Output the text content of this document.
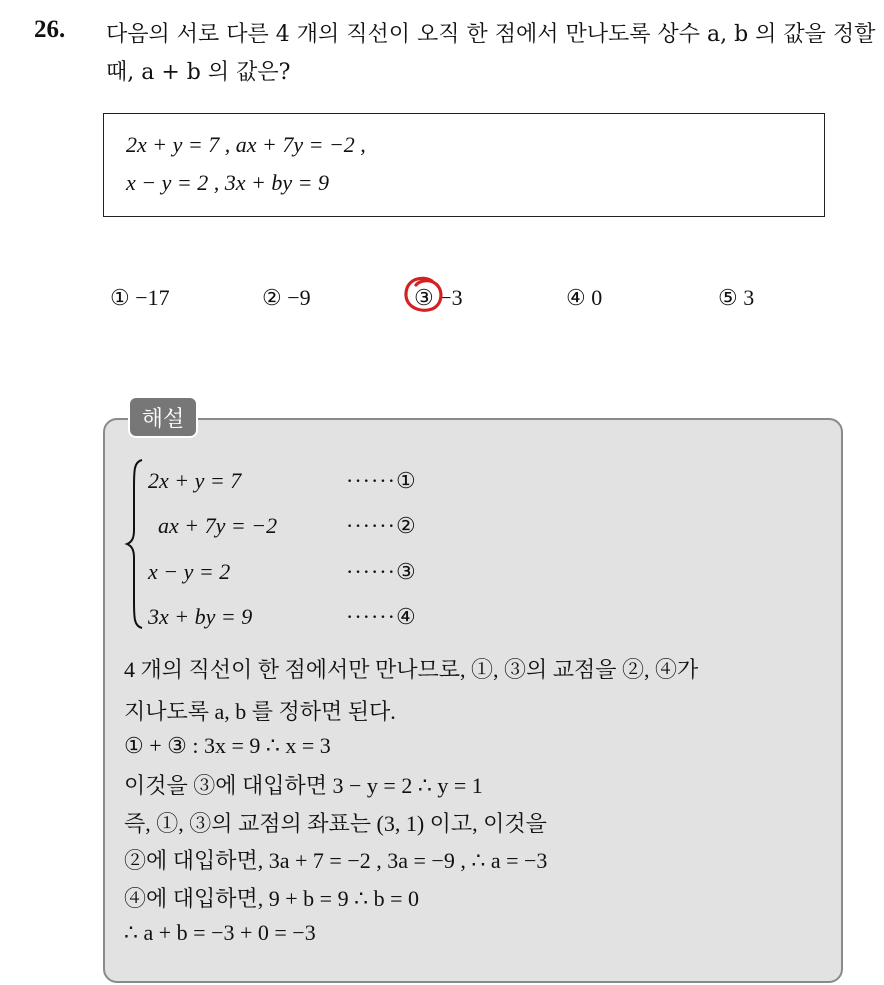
26. 다음의 서로 다른 4 개의 직선이 오직 한 점에서 만나도록 상수 a, b 의 값을 정할 때, a + b 의 값은?
2x + y = 7 , ax + 7y = −2 ,
x − y = 2 , 3x + by = 9
① −17	② −9	③ −3	④ 0	⑤ 3
해설
2x + y = 7	······①
ax + 7y = −2	······②
x − y = 2	······③
3x + by = 9	······④
4 개의 직선이 한 점에서만 만나므로, ①, ③의 교점을 ②, ④가
지나도록 a, b 를 정하면 된다.
① + ③ : 3x = 9 ∴ x = 3
이것을 ③에 대입하면 3 − y = 2 ∴ y = 1
즉, ①, ③의 교점의 좌표는 (3, 1) 이고, 이것을
②에 대입하면, 3a + 7 = −2 , 3a = −9 , ∴ a = −3
④에 대입하면, 9 + b = 9 ∴ b = 0
∴ a + b = −3 + 0 = −3
